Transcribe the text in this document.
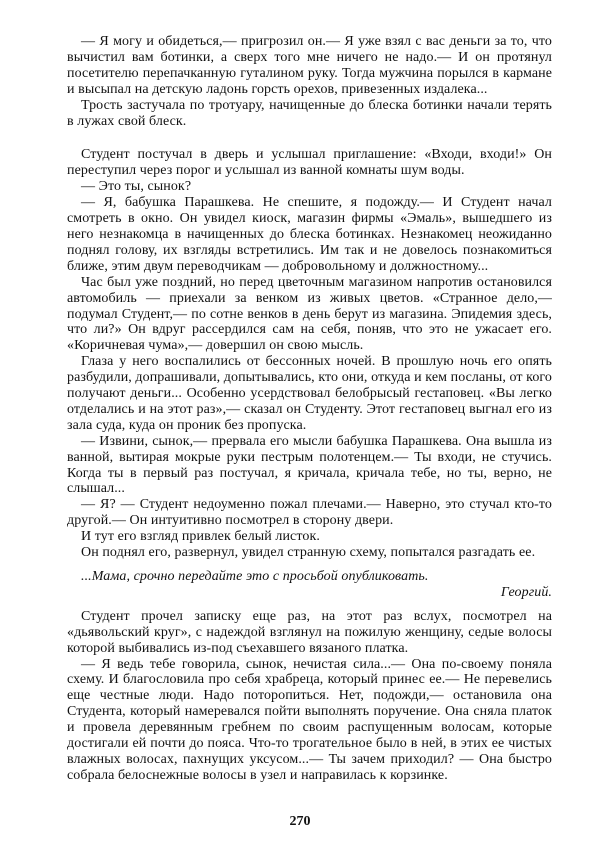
— Я могу и обидеться,— пригрозил он.— Я уже взял с вас деньги за то, что вычистил вам ботинки, а сверх того мне ничего не надо.— И он протянул посетителю перепачканную гуталином руку. Тогда мужчина порылся в кармане и высыпал на детскую ладонь горсть орехов, привезенных издалека...

Трость застучала по тротуару, начищенные до блеска ботинки начали терять в лужах свой блеск.

Студент постучал в дверь и услышал приглашение: «Входи, входи!» Он переступил через порог и услышал из ванной комнаты шум воды.

— Это ты, сынок?

— Я, бабушка Парашкева. Не спешите, я подожду.— И Студент начал смотреть в окно. Он увидел киоск, магазин фирмы «Эмаль», вышедшего из него незнакомца в начищенных до блеска ботинках. Незнакомец неожиданно поднял голову, их взгляды встретились. Им так и не довелось познакомиться ближе, этим двум переводчикам — добровольному и должностному...

Час был уже поздний, но перед цветочным магазином напротив остановился автомобиль — приехали за венком из живых цветов. «Странное дело,— подумал Студент,— по сотне венков в день берут из магазина. Эпидемия здесь, что ли?» Он вдруг рассердился сам на себя, поняв, что это не ужасает его. «Коричневая чума»,— довершил он свою мысль.

Глаза у него воспалились от бессонных ночей. В прошлую ночь его опять разбудили, допрашивали, допытывались, кто они, откуда и кем посланы, от кого получают деньги... Особенно усердствовал белобрысый гестаповец. «Вы легко отделались и на этот раз»,— сказал он Студенту. Этот гестаповец выгнал его из зала суда, куда он проник без пропуска.

— Извини, сынок,— прервала его мысли бабушка Парашкева. Она вышла из ванной, вытирая мокрые руки пестрым полотенцем.— Ты входи, не стучись. Когда ты в первый раз постучал, я кричала, кричала тебе, но ты, верно, не слышал...

— Я? — Студент недоуменно пожал плечами.— Наверно, это стучал кто-то другой.— Он интуитивно посмотрел в сторону двери.

И тут его взгляд привлек белый листок.

Он поднял его, развернул, увидел странную схему, попытался разгадать ее.

...Мама, срочно передайте это с просьбой опубликовать.

Георгий.

Студент прочел записку еще раз, на этот раз вслух, посмотрел на «дьявольский круг», с надеждой взглянул на пожилую женщину, седые волосы которой выбивались из-под съехавшего вязаного платка.

— Я ведь тебе говорила, сынок, нечистая сила...— Она по-своему поняла схему. И благословила про себя храбреца, который принес ее.— Не перевелись еще честные люди. Надо поторопиться. Нет, подожди,— остановила она Студента, который намеревался пойти выполнять поручение. Она сняла платок и провела деревянным гребнем по своим распущенным волосам, которые достигали ей почти до пояса. Что-то трогательное было в ней, в этих ее чистых влажных волосах, пахнущих уксусом...— Ты зачем приходил? — Она быстро собрала белоснежные волосы в узел и направилась к корзинке.

270
